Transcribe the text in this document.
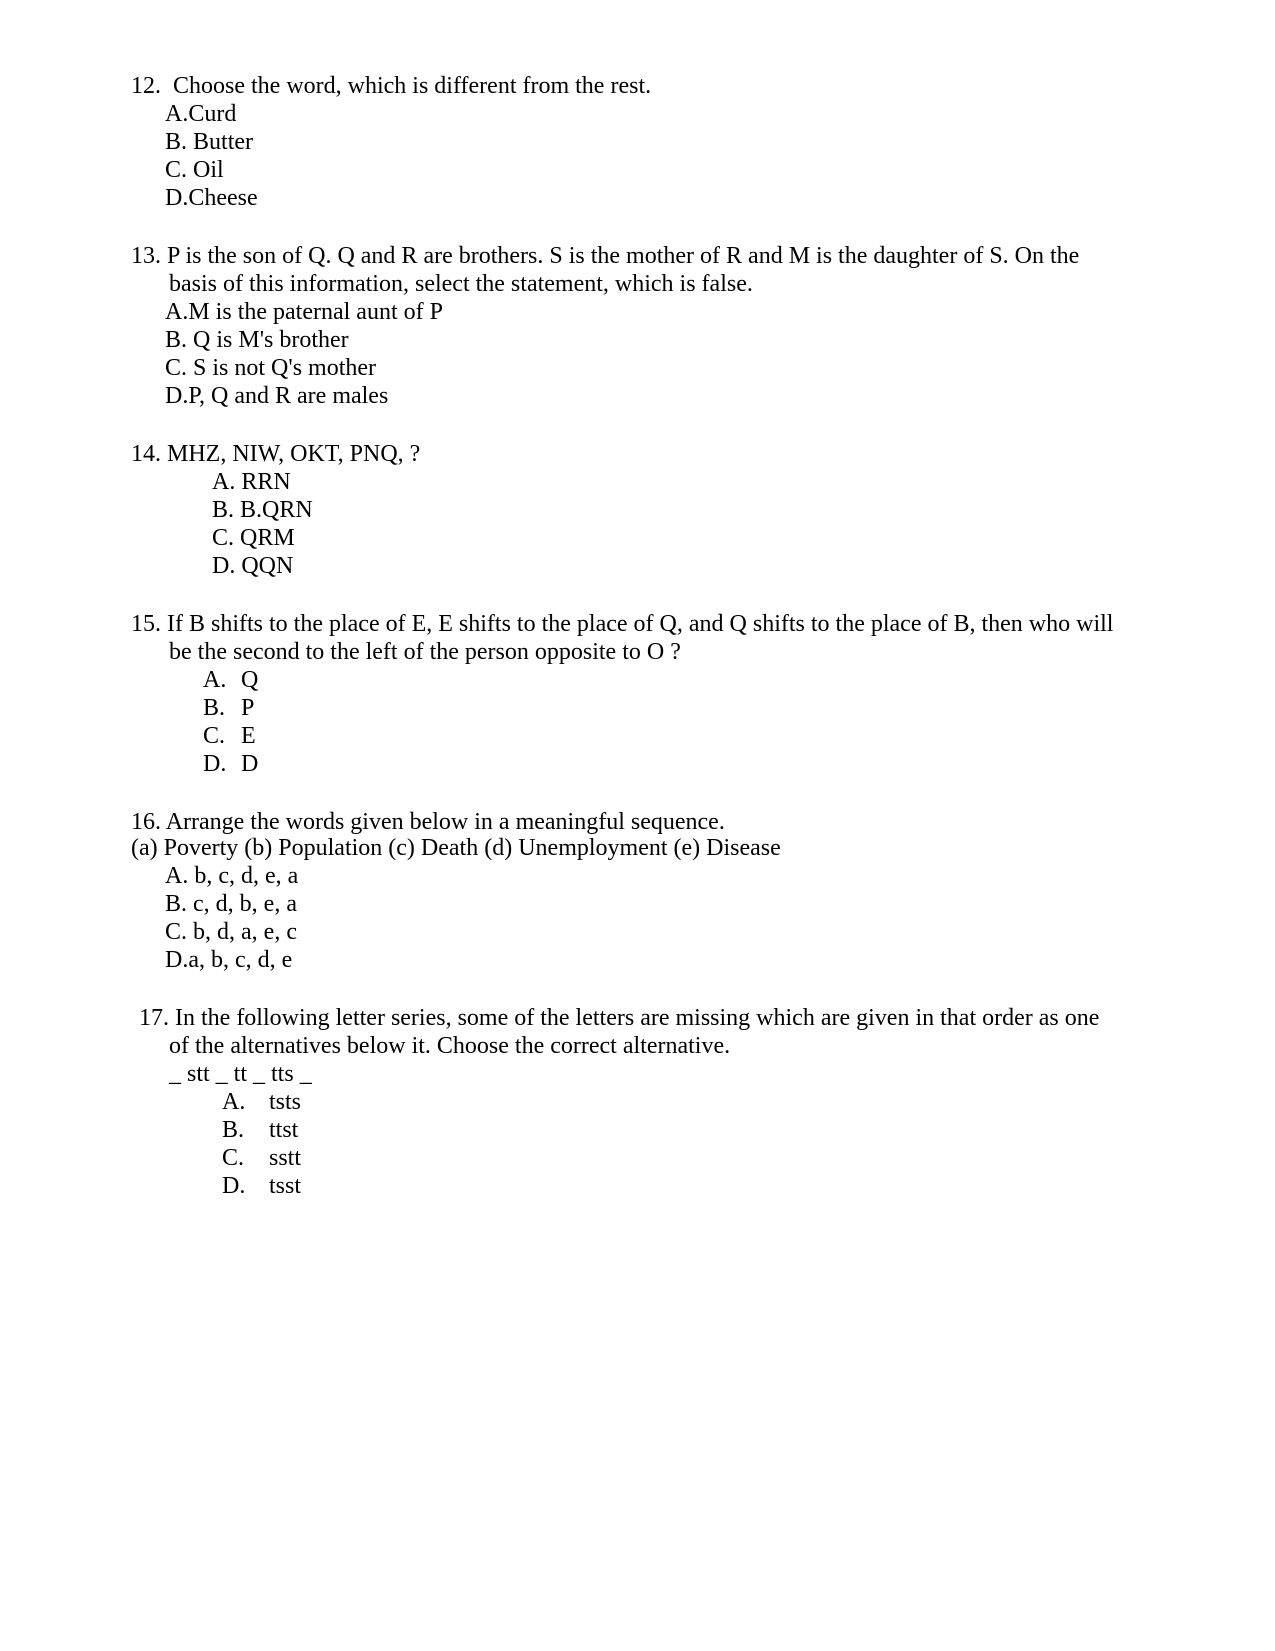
12. Choose the word, which is different from the rest.
A.Curd
B. Butter
C. Oil
D.Cheese
13. P is the son of Q. Q and R are brothers. S is the mother of R and M is the daughter of S. On the
basis of this information, select the statement, which is false.
A.M is the paternal aunt of P
B. Q is M's brother
C. S is not Q's mother
D.P, Q and R are males
14. MHZ, NIW, OKT, PNQ, ?
A. RRN
B. B.QRN
C. QRM
D. QQN
15. If B shifts to the place of E, E shifts to the place of Q, and Q shifts to the place of B, then who will
be the second to the left of the person opposite to O ?
A. Q
B. P
C. E
D. D
16. Arrange the words given below in a meaningful sequence.
(a) Poverty (b) Population (c) Death (d) Unemployment (e) Disease
A. b, c, d, e, a
B. c, d, b, e, a
C. b, d, a, e, c
D.a, b, c, d, e
17. In the following letter series, some of the letters are missing which are given in that order as one
of the alternatives below it. Choose the correct alternative.
_ stt _ tt _ tts _
A. tsts
B. ttst
C. sstt
D. tsst
